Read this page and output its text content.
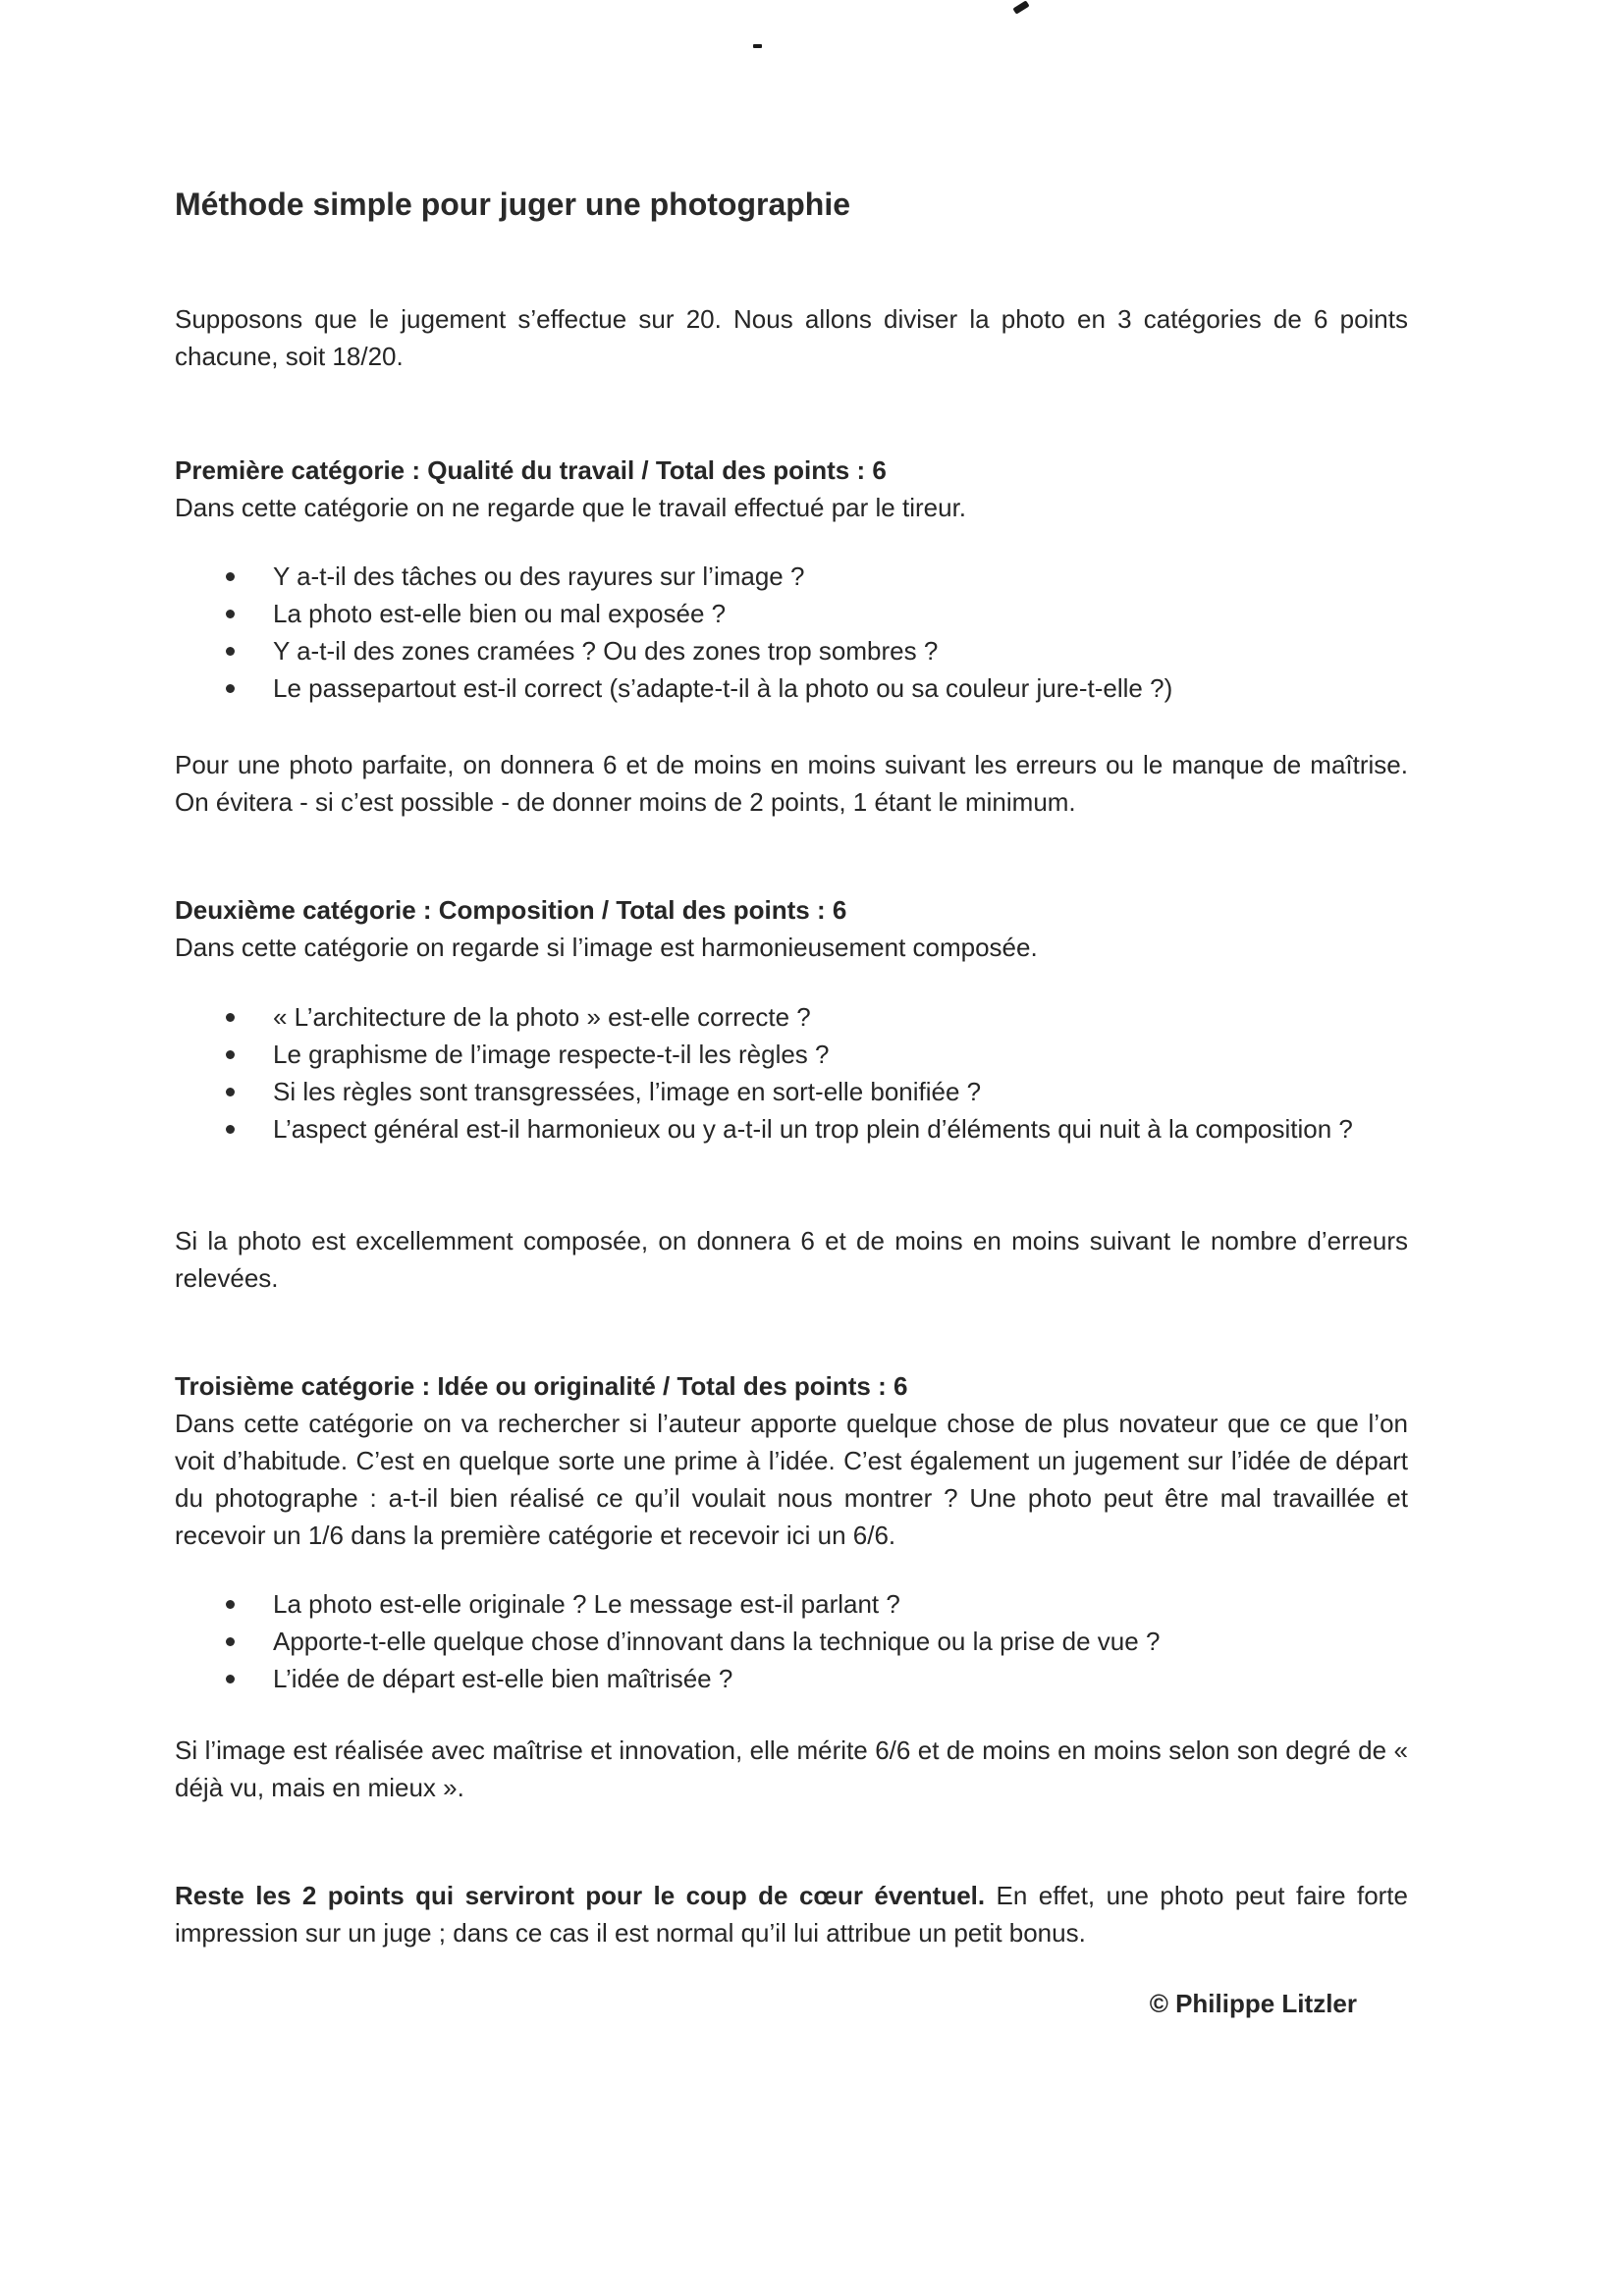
Méthode simple pour juger une photographie

Supposons que le jugement s’effectue sur 20. Nous allons diviser la photo en 3 catégories de 6 points chacune, soit 18/20.

Première catégorie : Qualité du travail / Total des points : 6
Dans cette catégorie on ne regarde que le travail effectué par le tireur.
Y a-t-il des tâches ou des rayures sur l’image ?
La photo est-elle bien ou mal exposée ?
Y a-t-il des zones cramées ? Ou des zones trop sombres ?
Le passepartout est-il correct (s’adapte-t-il à la photo ou sa couleur jure-t-elle ?)

Pour une photo parfaite, on donnera 6 et de moins en moins suivant les erreurs ou le manque de maîtrise. On évitera - si c’est possible - de donner moins de 2 points, 1 étant le minimum.

Deuxième catégorie : Composition / Total des points : 6
Dans cette catégorie on regarde si l’image est harmonieusement composée.
« L’architecture de la photo » est-elle correcte ?
Le graphisme de l’image respecte-t-il les règles ?
Si les règles sont transgressées, l’image en sort-elle bonifiée ?
L’aspect général est-il harmonieux ou y a-t-il un trop plein d’éléments qui nuit à la composition ?

Si la photo est excellemment composée, on donnera 6 et de moins en moins suivant le nombre d’erreurs relevées.

Troisième catégorie : Idée ou originalité / Total des points : 6
Dans cette catégorie on va rechercher si l’auteur apporte quelque chose de plus novateur que ce que l’on voit d’habitude. C’est en quelque sorte une prime à l’idée. C’est également un jugement sur l’idée de départ du photographe : a-t-il bien réalisé ce qu’il voulait nous montrer ? Une photo peut être mal travaillée et recevoir un 1/6 dans la première catégorie et recevoir ici un 6/6.
La photo est-elle originale ? Le message est-il parlant ?
Apporte-t-elle quelque chose d’innovant dans la technique ou la prise de vue ?
L’idée de départ est-elle bien maîtrisée ?

Si l’image est réalisée avec maîtrise et innovation, elle mérite 6/6 et de moins en moins selon son degré de « déjà vu, mais en mieux ».

Reste les 2 points qui serviront pour le coup de cœur éventuel. En effet, une photo peut faire forte impression sur un juge ; dans ce cas il est normal qu’il lui attribue un petit bonus.

© Philippe Litzler
